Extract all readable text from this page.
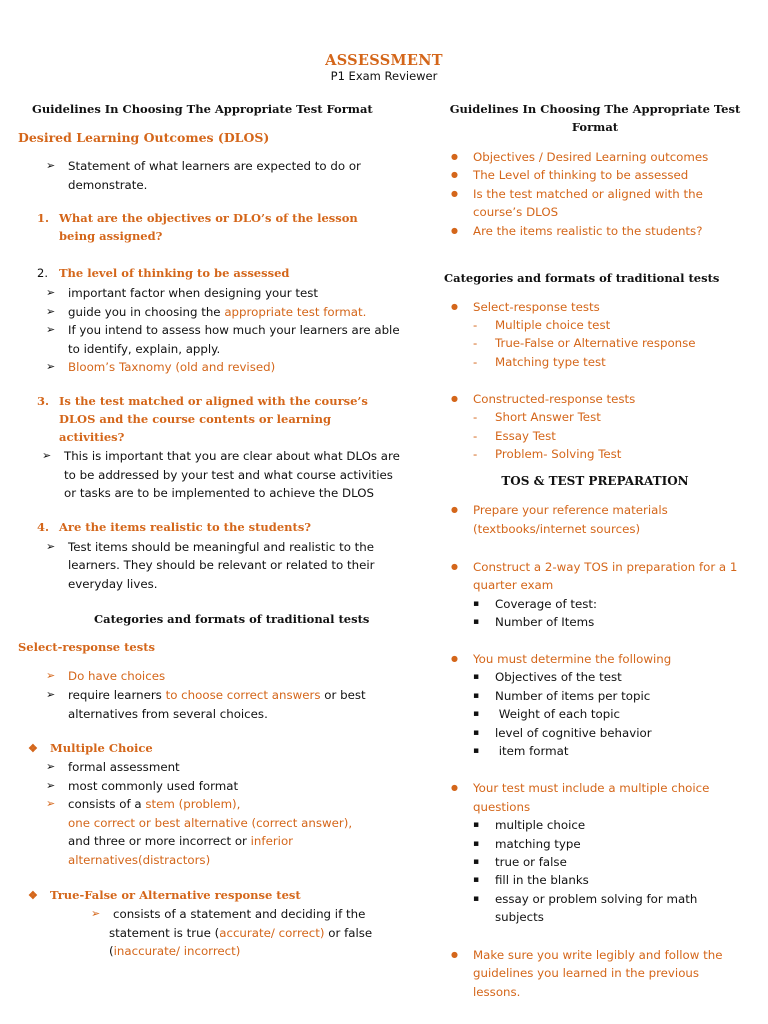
ASSESSMENT
P1 Exam Reviewer
Guidelines In Choosing The Appropriate Test Format
Desired Learning Outcomes (DLOS)
➢ Statement of what learners are expected to do or
demonstrate.
1. What are the objectives or DLO’s of the lesson
being assigned?
2. The level of thinking to be assessed
➢ important factor when designing your test
➢ guide you in choosing the appropriate test format.
➢ If you intend to assess how much your learners are able
to identify, explain, apply.
➢ Bloom’s Taxnomy (old and revised)
3. Is the test matched or aligned with the course’s
DLOS and the course contents or learning
activities?
➢ This is important that you are clear about what DLOs are
to be addressed by your test and what course activities
or tasks are to be implemented to achieve the DLOS
4. Are the items realistic to the students?
➢ Test items should be meaningful and realistic to the
learners. They should be relevant or related to their
everyday lives.
Categories and formats of traditional tests
Select-response tests
➢ Do have choices
➢ require learners to choose correct answers or best
alternatives from several choices.
❖ Multiple Choice
➢ formal assessment
➢ most commonly used format
➢ consists of a stem (problem),
one correct or best alternative (correct answer),
and three or more incorrect or inferior
alternatives(distractors)
❖ True-False or Alternative response test
➢ consists of a statement and deciding if the
statement is true (accurate/ correct) or false
(inaccurate/ incorrect)
Guidelines In Choosing The Appropriate Test
Format
● Objectives / Desired Learning outcomes
● The Level of thinking to be assessed
● Is the test matched or aligned with the
course’s DLOS
● Are the items realistic to the students?
Categories and formats of traditional tests
● Select-response tests
- Multiple choice test
- True-False or Alternative response
- Matching type test
● Constructed-response tests
- Short Answer Test
- Essay Test
- Problem- Solving Test
TOS & TEST PREPARATION
● Prepare your reference materials
(textbooks/internet sources)
● Construct a 2-way TOS in preparation for a 1
quarter exam
▪ Coverage of test:
▪ Number of Items
● You must determine the following
▪ Objectives of the test
▪ Number of items per topic
▪  Weight of each topic
▪ level of cognitive behavior
▪  item format
● Your test must include a multiple choice
questions
▪ multiple choice
▪ matching type
▪ true or false
▪ fill in the blanks
▪ essay or problem solving for math
subjects
● Make sure you write legibly and follow the
guidelines you learned in the previous
lessons.
